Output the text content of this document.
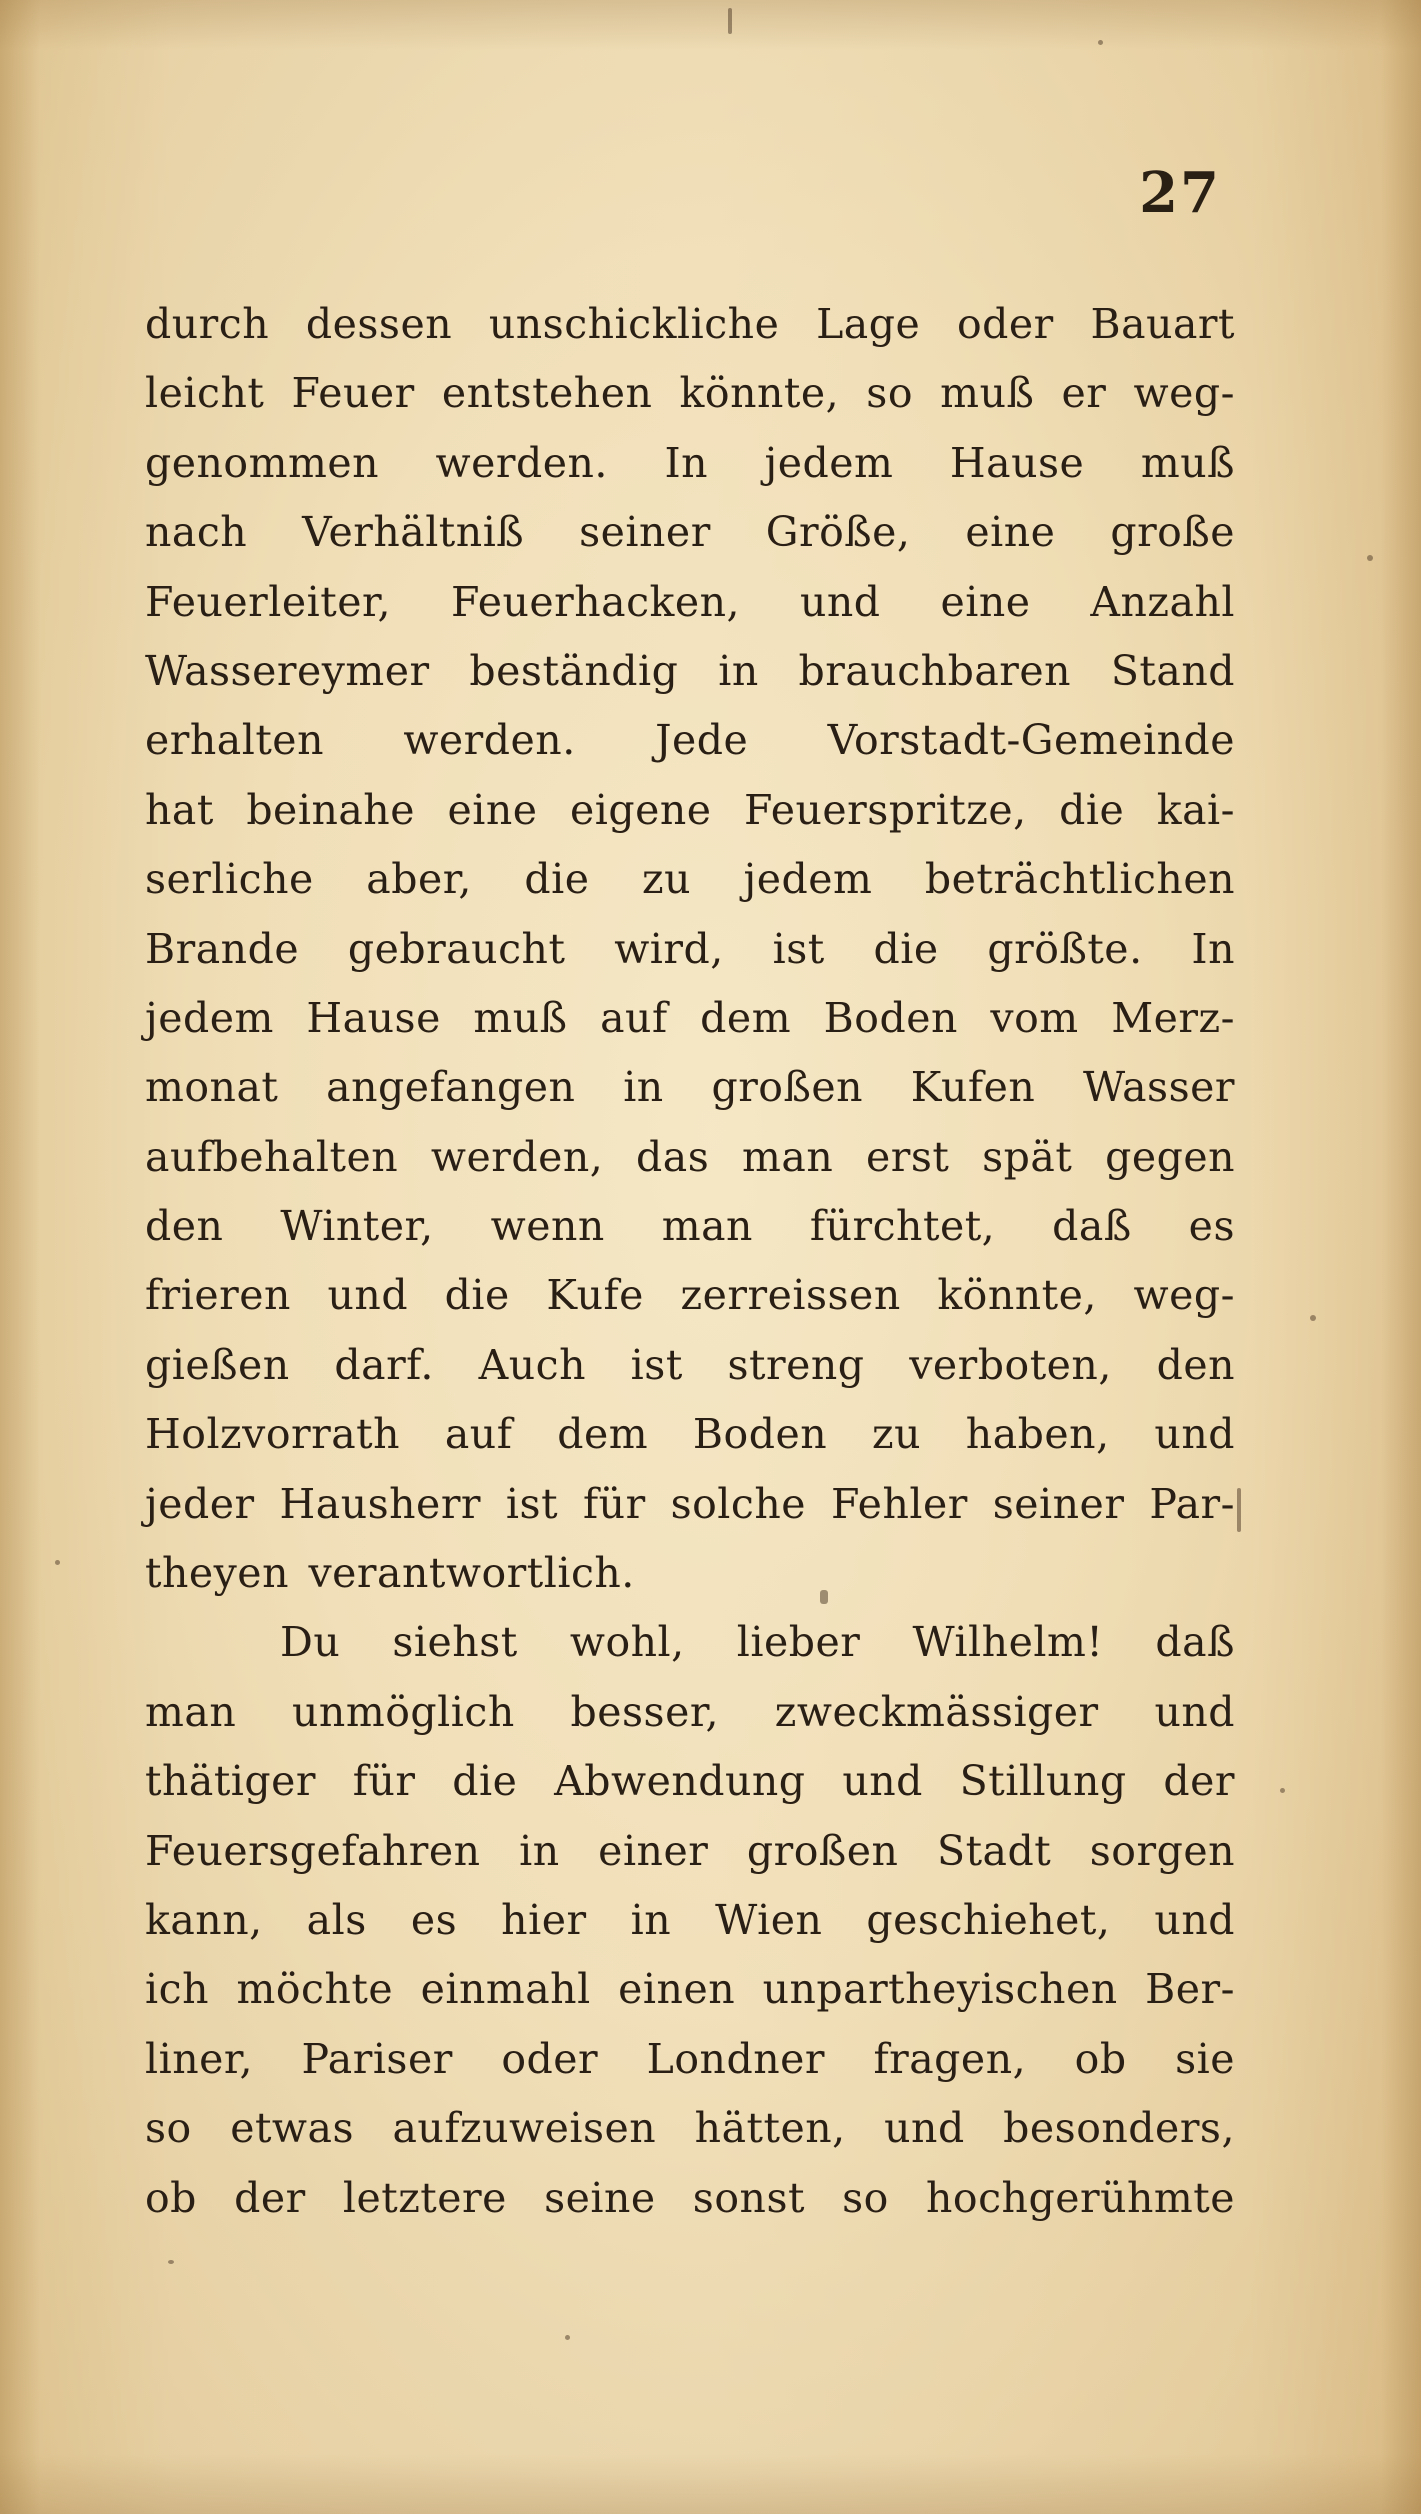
27
durch dessen unschickliche Lage oder Bauart
leicht Feuer entstehen könnte, so muß er weg-
genommen werden. In jedem Hause muß
nach Verhältniß seiner Größe, eine große
Feuerleiter, Feuerhacken, und eine Anzahl
Wassereymer beständig in brauchbaren Stand
erhalten werden. Jede Vorstadt-Gemeinde
hat beinahe eine eigene Feuerspritze, die kai-
serliche aber, die zu jedem beträchtlichen
Brande gebraucht wird, ist die größte. In
jedem Hause muß auf dem Boden vom Merz-
monat angefangen in großen Kufen Wasser
aufbehalten werden, das man erst spät gegen
den Winter, wenn man fürchtet, daß es
frieren und die Kufe zerreissen könnte, weg-
gießen darf. Auch ist streng verboten, den
Holzvorrath auf dem Boden zu haben, und
jeder Hausherr ist für solche Fehler seiner Par-
theyen verantwortlich.
Du siehst wohl, lieber Wilhelm! daß
man unmöglich besser, zweckmässiger und
thätiger für die Abwendung und Stillung der
Feuersgefahren in einer großen Stadt sorgen
kann, als es hier in Wien geschiehet, und
ich möchte einmahl einen unpartheyischen Ber-
liner, Pariser oder Londner fragen, ob sie
so etwas aufzuweisen hätten, und besonders,
ob der letztere seine sonst so hochgerühmte
